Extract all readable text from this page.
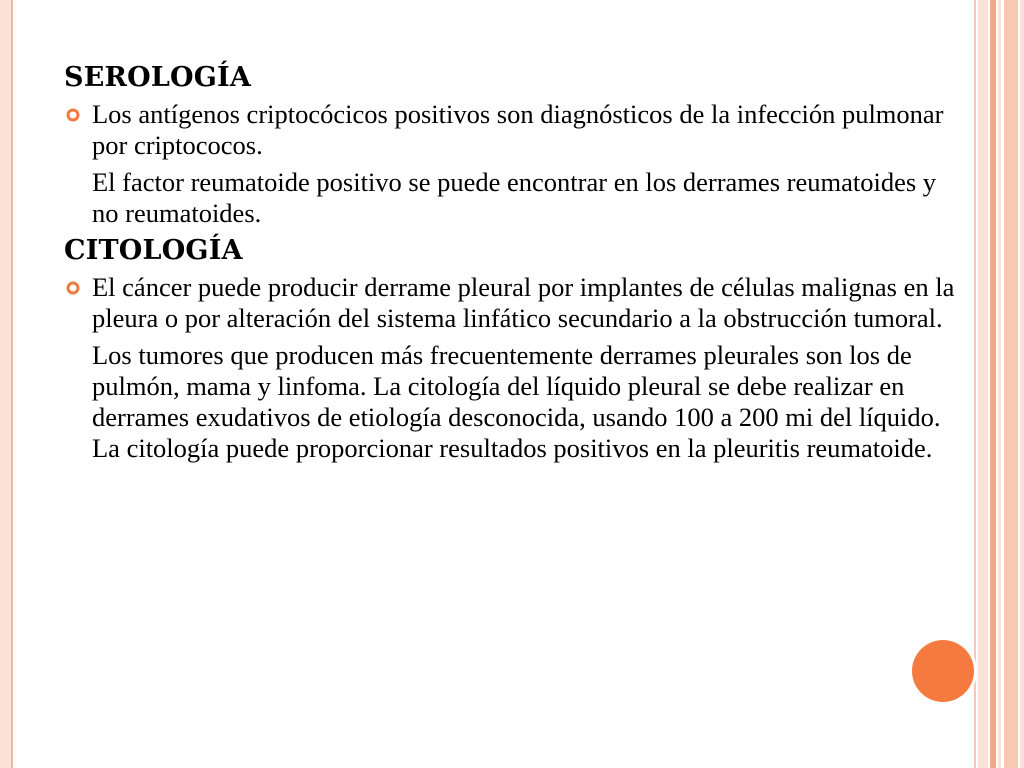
SEROLOGÍA
Los antígenos criptocócicos positivos son diagnósticos de la infección pulmonar por criptococos.
El factor reumatoide positivo se puede encontrar en los derrames reumatoides y no reumatoides.
CITOLOGÍA
El cáncer puede producir derrame pleural por implantes de células malignas en la pleura o por alteración del sistema linfático secundario a la obstrucción tumoral.
Los tumores que producen más frecuentemente derrames pleurales son los de pulmón, mama y linfoma. La citología del líquido pleural se debe realizar en derrames exudativos de etiología desconocida, usando 100 a 200 mi del líquido. La citología puede proporcionar resultados positivos en la pleuritis reumatoide.
